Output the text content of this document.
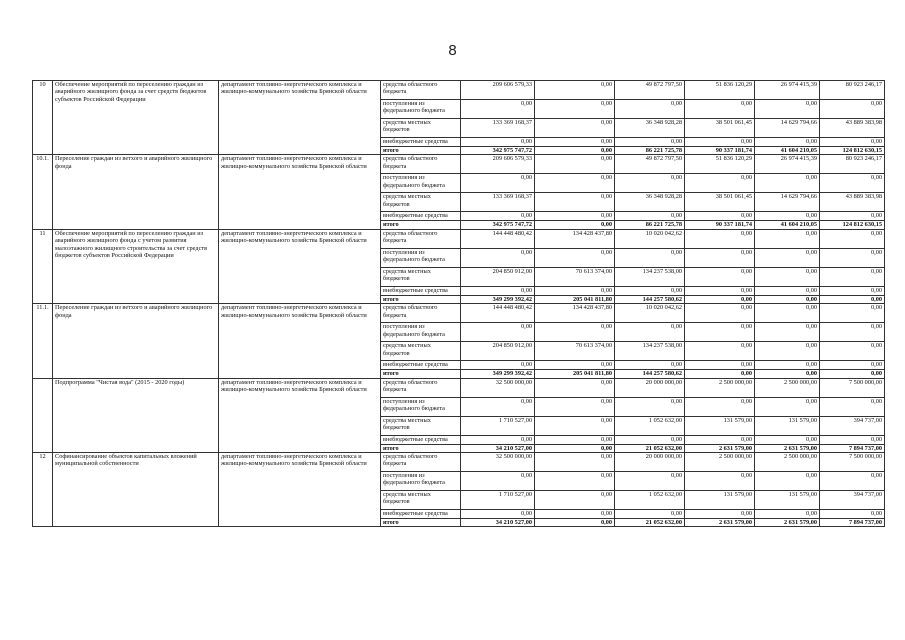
8
10	Обеспечение мероприятий по переселению граждан из аварийного жилищного фонда за счет средств бюджетов субъектов Российской Федерации	департамент топливно-энергетического комплекса и жилищно-коммунального хозяйства Брянской области	средства областного бюджета	209 606 579,33	0,00	49 872 797,50	51 836 120,29	26 974 415,39	80 923 246,17
			поступления из федерального бюджета	0,00	0,00	0,00	0,00	0,00	0,00
			средства местных бюджетов	133 369 168,37	0,00	36 348 928,28	38 501 061,45	14 629 794,66	43 889 383,98
			внебюджетные средства	0,00	0,00	0,00	0,00	0,00	0,00
			итого	342 975 747,72	0,00	86 221 725,78	90 337 181,74	41 604 210,05	124 812 630,15
10.1.	Переселение граждан из ветхого и аварийного жилищного фонда	департамент топливно-энергетического комплекса и жилищно-коммунального хозяйства Брянской области	средства областного бюджета	209 606 579,33	0,00	49 872 797,50	51 836 120,29	26 974 415,39	80 923 246,17
			поступления из федерального бюджета	0,00	0,00	0,00	0,00	0,00	0,00
			средства местных бюджетов	133 369 168,37	0,00	36 348 928,28	38 501 061,45	14 629 794,66	43 889 383,98
			внебюджетные средства	0,00	0,00	0,00	0,00	0,00	0,00
			итого	342 975 747,72	0,00	86 221 725,78	90 337 181,74	41 604 210,05	124 812 630,15
11	Обеспечение мероприятий по переселению граждан из аварийного жилищного фонда с учетом развития малоэтажного жилищного строительства за счет средств бюджетов субъектов Российской Федерации	департамент топливно-энергетического комплекса и жилищно-коммунального хозяйства Брянской области	средства областного бюджета	144 448 480,42	134 428 437,80	10 020 042,62	0,00	0,00	0,00
			поступления из федерального бюджета	0,00	0,00	0,00	0,00	0,00	0,00
			средства местных бюджетов	204 850 912,00	70 613 374,00	134 237 538,00	0,00	0,00	0,00
			внебюджетные средства	0,00	0,00	0,00	0,00	0,00	0,00
			итого	349 299 392,42	205 041 811,80	144 257 580,62	0,00	0,00	0,00
11.1.	Переселение граждан из ветхого и аварийного жилищного фонда	департамент топливно-энергетического комплекса и жилищно-коммунального хозяйства Брянской области	средства областного бюджета	144 448 480,42	134 428 437,80	10 020 042,62	0,00	0,00	0,00
			поступления из федерального бюджета	0,00	0,00	0,00	0,00	0,00	0,00
			средства местных бюджетов	204 850 912,00	70 613 374,00	134 237 538,00	0,00	0,00	0,00
			внебюджетные средства	0,00	0,00	0,00	0,00	0,00	0,00
			итого	349 299 392,42	205 041 811,80	144 257 580,62	0,00	0,00	0,00
	Подпрограмма "Чистая вода" (2015 - 2020 годы)	департамент топливно-энергетического комплекса и жилищно-коммунального хозяйства Брянской области	средства областного бюджета	32 500 000,00	0,00	20 000 000,00	2 500 000,00	2 500 000,00	7 500 000,00
			поступления из федерального бюджета	0,00	0,00	0,00	0,00	0,00	0,00
			средства местных бюджетов	1 710 527,00	0,00	1 052 632,00	131 579,00	131 579,00	394 737,00
			внебюджетные средства	0,00	0,00	0,00	0,00	0,00	0,00
			итого	34 210 527,00	0,00	21 052 632,00	2 631 579,00	2 631 579,00	7 894 737,00
12	Софинансирование объектов капитальных вложений муниципальной собственности	департамент топливно-энергетического комплекса и жилищно-коммунального хозяйства Брянской области	средства областного бюджета	32 500 000,00	0,00	20 000 000,00	2 500 000,00	2 500 000,00	7 500 000,00
			поступления из федерального бюджета	0,00	0,00	0,00	0,00	0,00	0,00
			средства местных бюджетов	1 710 527,00	0,00	1 052 632,00	131 579,00	131 579,00	394 737,00
			внебюджетные средства	0,00	0,00	0,00	0,00	0,00	0,00
			итого	34 210 527,00	0,00	21 052 632,00	2 631 579,00	2 631 579,00	7 894 737,00
